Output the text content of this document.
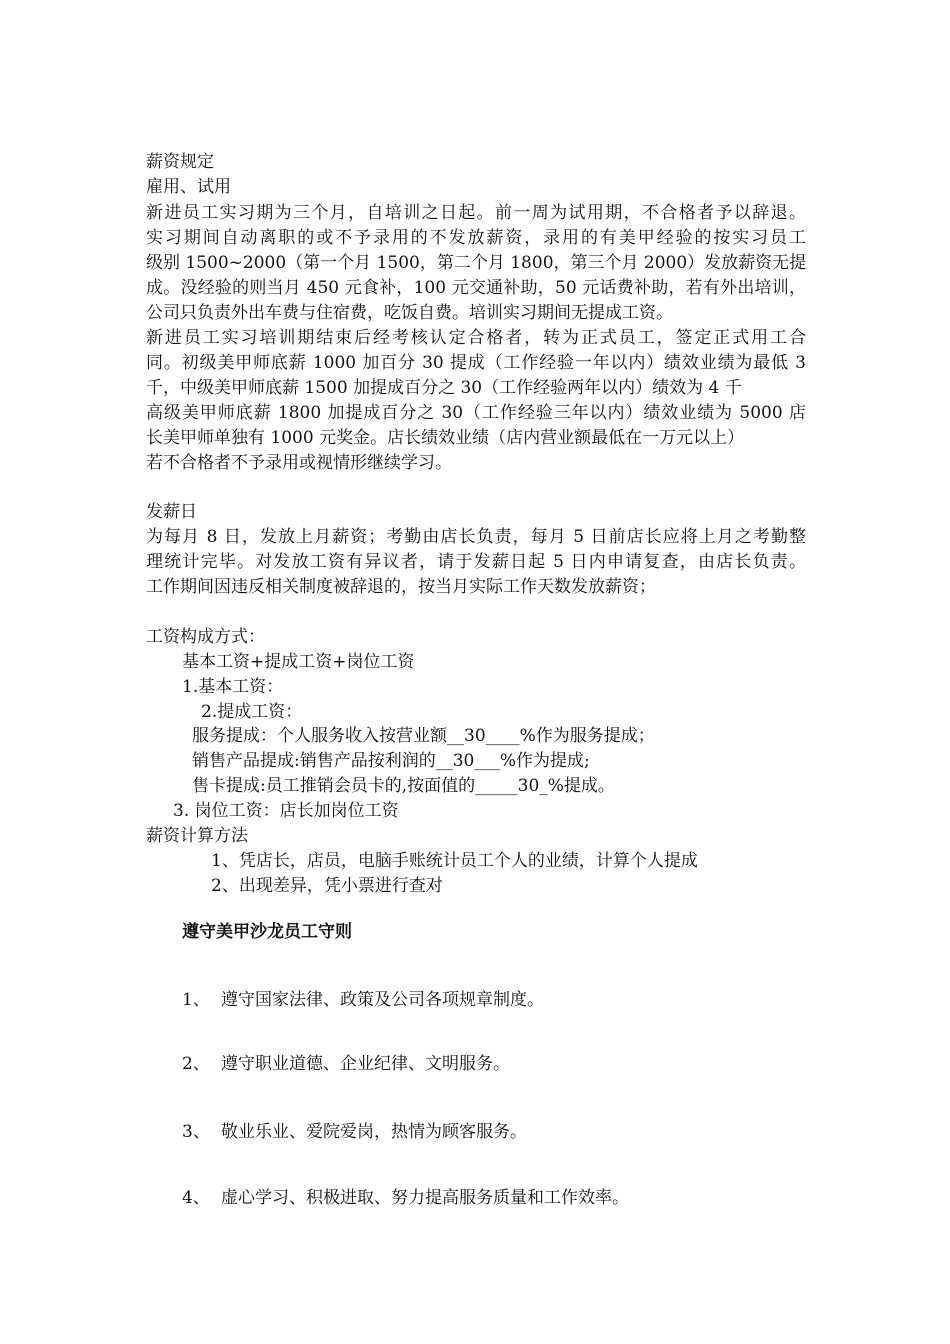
薪资规定
雇用、试用
新进员工实习期为三个月，自培训之日起。前一周为试用期，不合格者予以辞退。
实习期间自动离职的或不予录用的不发放薪资，录用的有美甲经验的按实习员工
级别 1500~2000（第一个月 1500，第二个月 1800，第三个月 2000）发放薪资无提
成。没经验的则当月 450 元食补，100 元交通补助，50 元话费补助，若有外出培训，
公司只负责外出车费与住宿费，吃饭自费。培训实习期间无提成工资。
新进员工实习培训期结束后经考核认定合格者，转为正式员工，签定正式用工合
同。初级美甲师底薪 1000 加百分 30 提成（工作经验一年以内）绩效业绩为最低 3
千，中级美甲师底薪 1500 加提成百分之 30（工作经验两年以内）绩效为 4 千
高级美甲师底薪 1800 加提成百分之 30（工作经验三年以内）绩效业绩为 5000 店
长美甲师单独有 1000 元奖金。店长绩效业绩（店内营业额最低在一万元以上）
若不合格者不予录用或视情形继续学习。
发薪日
为每月 8 日，发放上月薪资；考勤由店长负责，每月 5 日前店长应将上月之考勤整
理统计完毕。对发放工资有异议者，请于发薪日起 5 日内申请复查，由店长负责。
工作期间因违反相关制度被辞退的，按当月实际工作天数发放薪资；
工资构成方式：
基本工资+提成工资+岗位工资
1.基本工资：
2.提成工资：
服务提成：个人服务收入按营业额__30____%作为服务提成；
销售产品提成:销售产品按利润的__30___%作为提成;
售卡提成:员工推销会员卡的,按面值的_____30_%提成。
3. 岗位工资：店长加岗位工资
薪资计算方法
1、凭店长，店员，电脑手账统计员工个人的业绩，计算个人提成
2、出现差异，凭小票进行查对
遵守美甲沙龙员工守则
1、 遵守国家法律、政策及公司各项规章制度。
2、 遵守职业道德、企业纪律、文明服务。
3、 敬业乐业、爱院爱岗，热情为顾客服务。
4、 虚心学习、积极进取、努力提高服务质量和工作效率。
